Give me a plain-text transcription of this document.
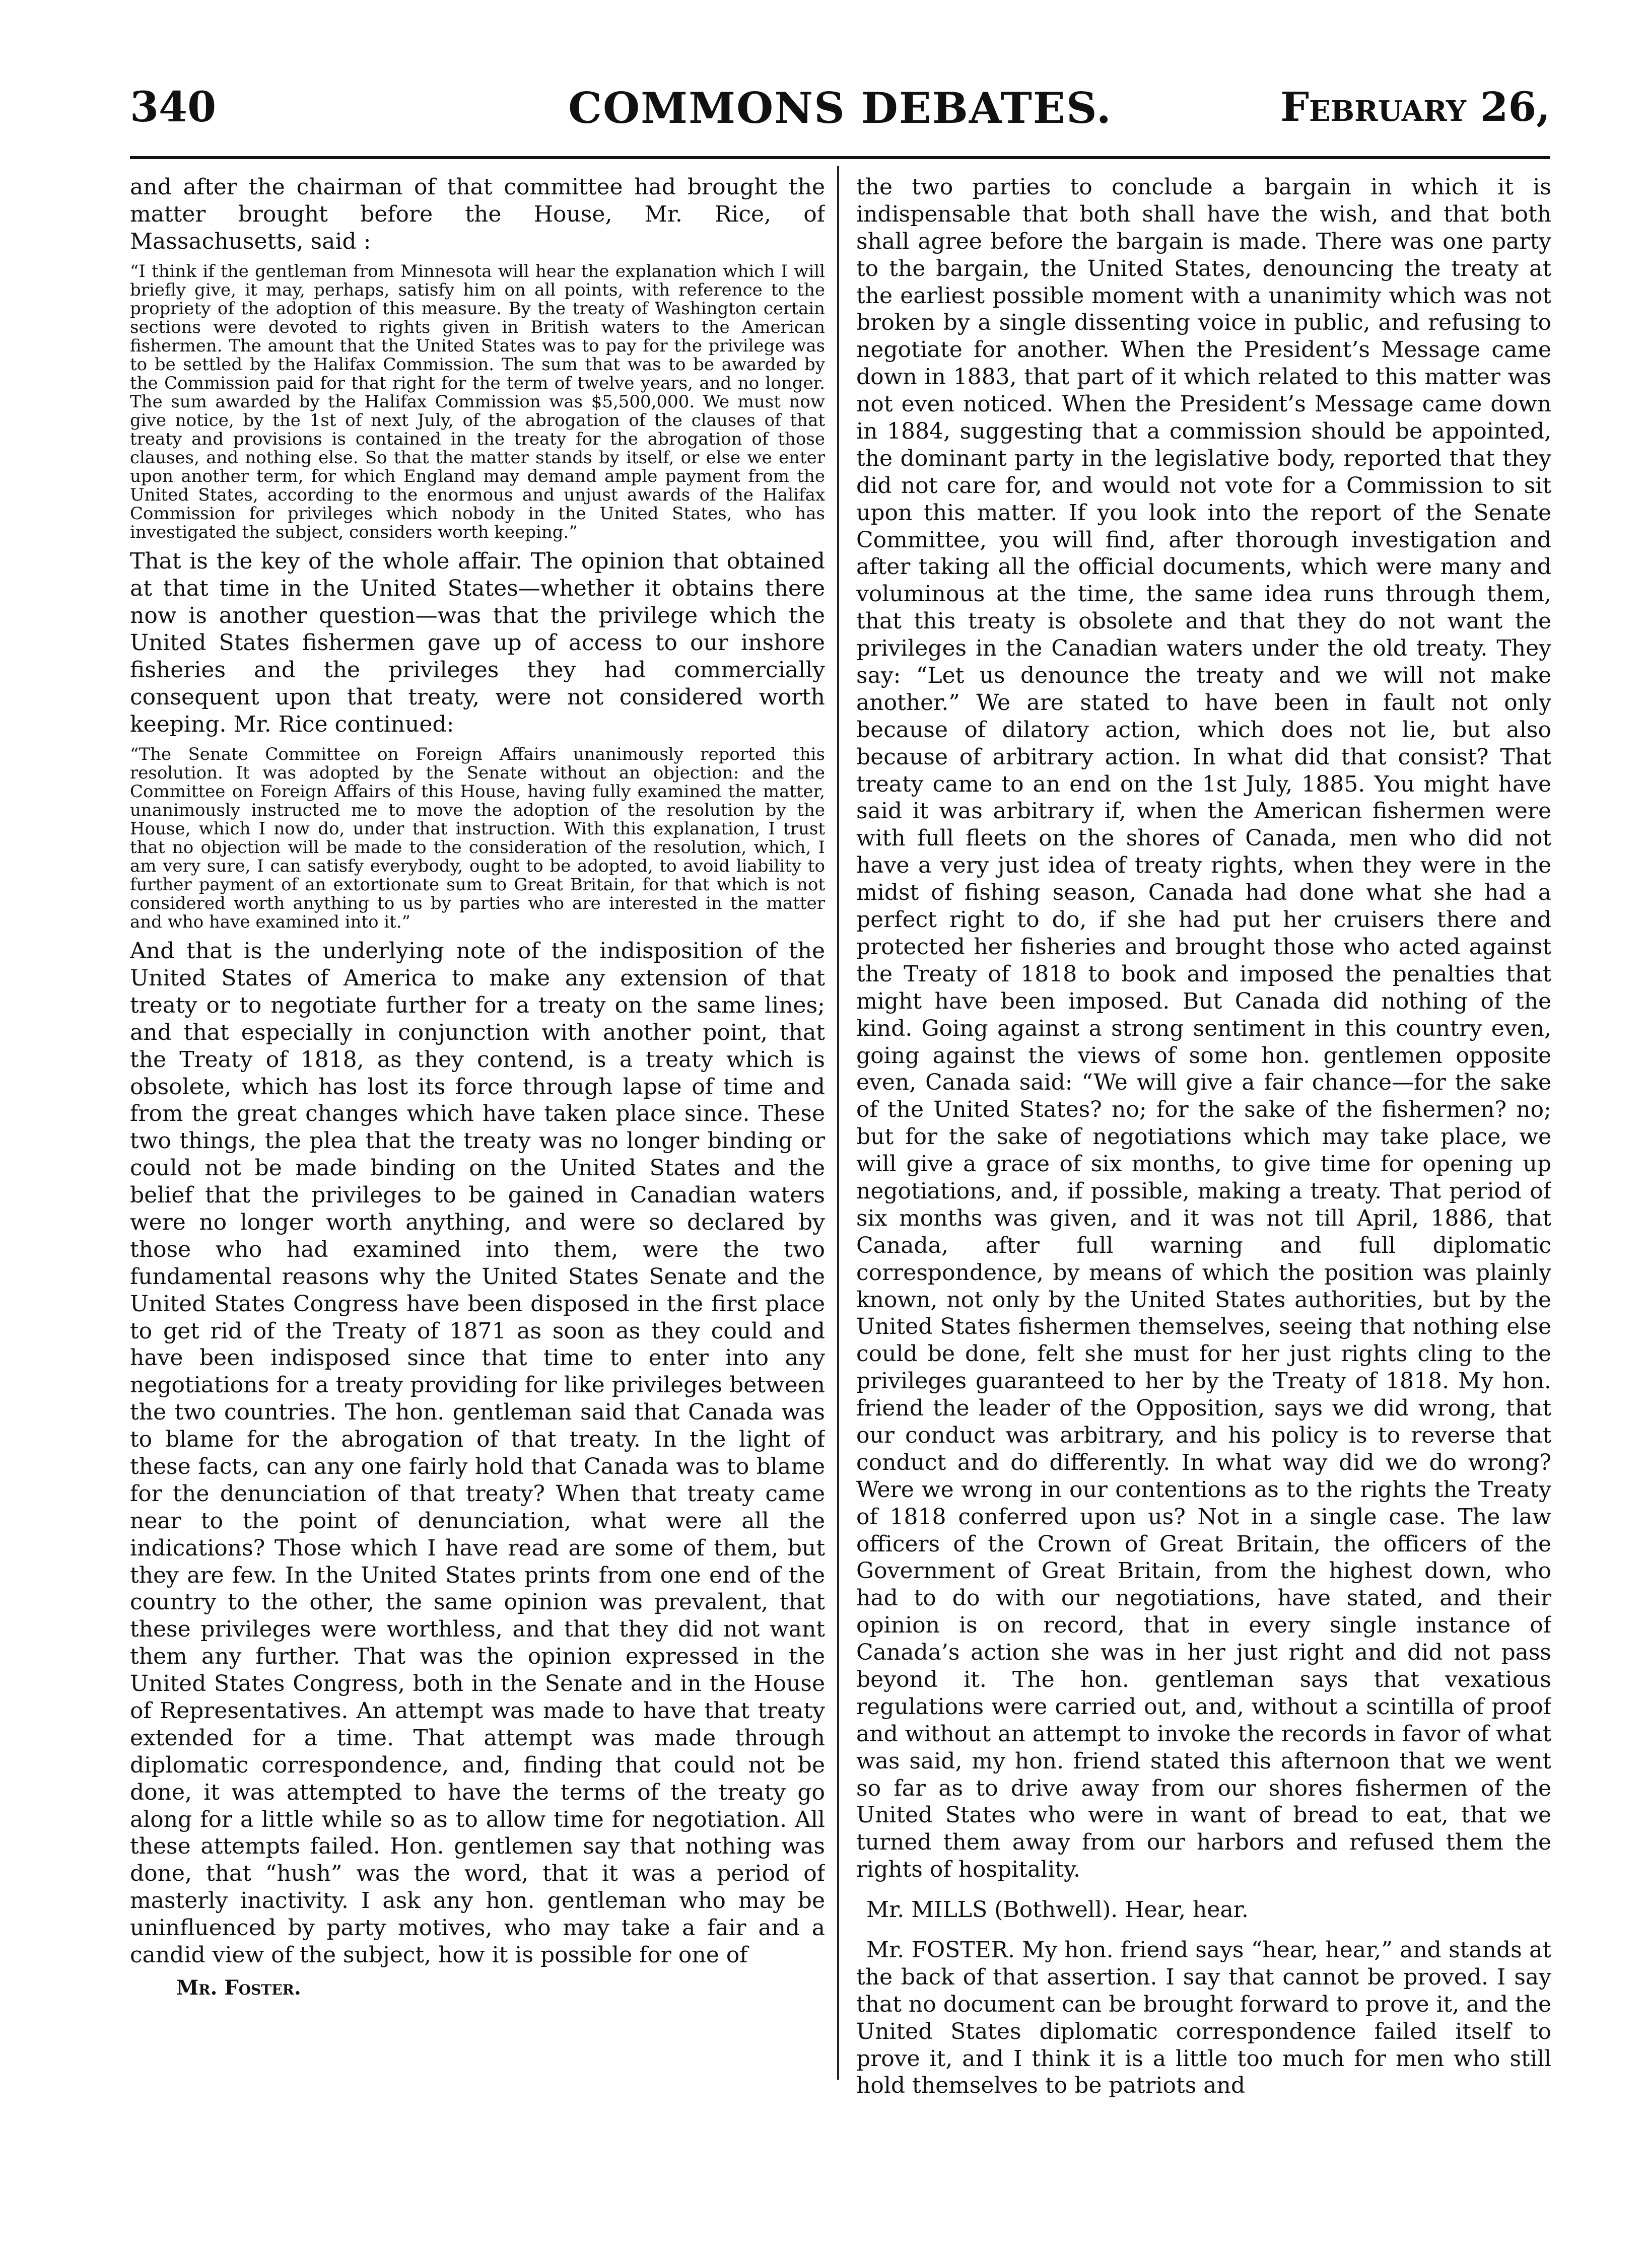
340	COMMONS DEBATES.	February 26,

and after the chairman of that committee had brought the matter brought before the House, Mr. Rice, of Massachusetts, said :

“I think if the gentleman from Minnesota will hear the explanation which I will briefly give, it may, perhaps, satisfy him on all points, with reference to the propriety of the adoption of this measure. By the treaty of Washington certain sections were devoted to rights given in British waters to the American fishermen. The amount that the United States was to pay for the privilege was to be settled by the Halifax Commission. The sum that was to be awarded by the Commission paid for that right for the term of twelve years, and no longer. The sum awarded by the Halifax Commission was $5,500,000. We must now give notice, by the 1st of next July, of the abrogation of the clauses of that treaty and provisions is contained in the treaty for the abrogation of those clauses, and nothing else. So that the matter stands by itself, or else we enter upon another term, for which England may demand ample payment from the United States, according to the enormous and unjust awards of the Halifax Commission for privileges which nobody in the United States, who has investigated the subject, considers worth keeping.”

That is the key of the whole affair. The opinion that obtained at that time in the United States—whether it obtains there now is another question—was that the privilege which the United States fishermen gave up of access to our inshore fisheries and the privileges they had commercially consequent upon that treaty, were not considered worth keeping. Mr. Rice continued:

“The Senate Committee on Foreign Affairs unanimously reported this resolution. It was adopted by the Senate without an objection: and the Committee on Foreign Affairs of this House, having fully examined the matter, unanimously instructed me to move the adoption of the resolution by the House, which I now do, under that instruction. With this explanation, I trust that no objection will be made to the consideration of the resolution, which, I am very sure, I can satisfy everybody, ought to be adopted, to avoid liability to further payment of an extortionate sum to Great Britain, for that which is not considered worth anything to us by parties who are interested in the matter and who have examined into it.”

And that is the underlying note of the indisposition of the United States of America to make any extension of that treaty or to negotiate further for a treaty on the same lines; and that especially in conjunction with another point, that the Treaty of 1818, as they contend, is a treaty which is obsolete, which has lost its force through lapse of time and from the great changes which have taken place since. These two things, the plea that the treaty was no longer binding or could not be made binding on the United States and the belief that the privileges to be gained in Canadian waters were no longer worth anything, and were so declared by those who had examined into them, were the two fundamental reasons why the United States Senate and the United States Congress have been disposed in the first place to get rid of the Treaty of 1871 as soon as they could and have been indisposed since that time to enter into any negotiations for a treaty providing for like privileges between the two countries. The hon. gentleman said that Canada was to blame for the abrogation of that treaty. In the light of these facts, can any one fairly hold that Canada was to blame for the denunciation of that treaty? When that treaty came near to the point of denunciation, what were all the indications? Those which I have read are some of them, but they are few. In the United States prints from one end of the country to the other, the same opinion was prevalent, that these privileges were worthless, and that they did not want them any further. That was the opinion expressed in the United States Congress, both in the Senate and in the House of Representatives. An attempt was made to have that treaty extended for a time. That attempt was made through diplomatic correspondence, and, finding that could not be done, it was attempted to have the terms of the treaty go along for a little while so as to allow time for negotiation. All these attempts failed. Hon. gentlemen say that nothing was done, that “hush” was the word, that it was a period of masterly inactivity. I ask any hon. gentleman who may be uninfluenced by party motives, who may take a fair and a candid view of the subject, how it is possible for one of

Mr. Foster.

the two parties to conclude a bargain in which it is indispensable that both shall have the wish, and that both shall agree before the bargain is made. There was one party to the bargain, the United States, denouncing the treaty at the earliest possible moment with a unanimity which was not broken by a single dissenting voice in public, and refusing to negotiate for another. When the President’s Message came down in 1883, that part of it which related to this matter was not even noticed. When the President’s Message came down in 1884, suggesting that a commission should be appointed, the dominant party in the legislative body, reported that they did not care for, and would not vote for a Commission to sit upon this matter. If you look into the report of the Senate Committee, you will find, after thorough investigation and after taking all the official documents, which were many and voluminous at the time, the same idea runs through them, that this treaty is obsolete and that they do not want the privileges in the Canadian waters under the old treaty. They say: “Let us denounce the treaty and we will not make another.” We are stated to have been in fault not only because of dilatory action, which does not lie, but also because of arbitrary action. In what did that consist? That treaty came to an end on the 1st July, 1885. You might have said it was arbitrary if, when the American fishermen were with full fleets on the shores of Canada, men who did not have a very just idea of treaty rights, when they were in the midst of fishing season, Canada had done what she had a perfect right to do, if she had put her cruisers there and protected her fisheries and brought those who acted against the Treaty of 1818 to book and imposed the penalties that might have been imposed. But Canada did nothing of the kind. Going against a strong sentiment in this country even, going against the views of some hon. gentlemen opposite even, Canada said: “We will give a fair chance—for the sake of the United States? no; for the sake of the fishermen? no; but for the sake of negotiations which may take place, we will give a grace of six months, to give time for opening up negotiations, and, if possible, making a treaty. That period of six months was given, and it was not till April, 1886, that Canada, after full warning and full diplomatic correspondence, by means of which the position was plainly known, not only by the United States authorities, but by the United States fishermen themselves, seeing that nothing else could be done, felt she must for her just rights cling to the privileges guaranteed to her by the Treaty of 1818. My hon. friend the leader of the Opposition, says we did wrong, that our conduct was arbitrary, and his policy is to reverse that conduct and do differently. In what way did we do wrong? Were we wrong in our contentions as to the rights the Treaty of 1818 conferred upon us? Not in a single case. The law officers of the Crown of Great Britain, the officers of the Government of Great Britain, from the highest down, who had to do with our negotiations, have stated, and their opinion is on record, that in every single instance of Canada’s action she was in her just right and did not pass beyond it. The hon. gentleman says that vexatious regulations were carried out, and, without a scintilla of proof and without an attempt to invoke the records in favor of what was said, my hon. friend stated this afternoon that we went so far as to drive away from our shores fishermen of the United States who were in want of bread to eat, that we turned them away from our harbors and refused them the rights of hospitality.

Mr. MILLS (Bothwell). Hear, hear.

Mr. FOSTER. My hon. friend says “hear, hear,” and stands at the back of that assertion. I say that cannot be proved. I say that no document can be brought forward to prove it, and the United States diplomatic correspondence failed itself to prove it, and I think it is a little too much for men who still hold themselves to be patriots and
